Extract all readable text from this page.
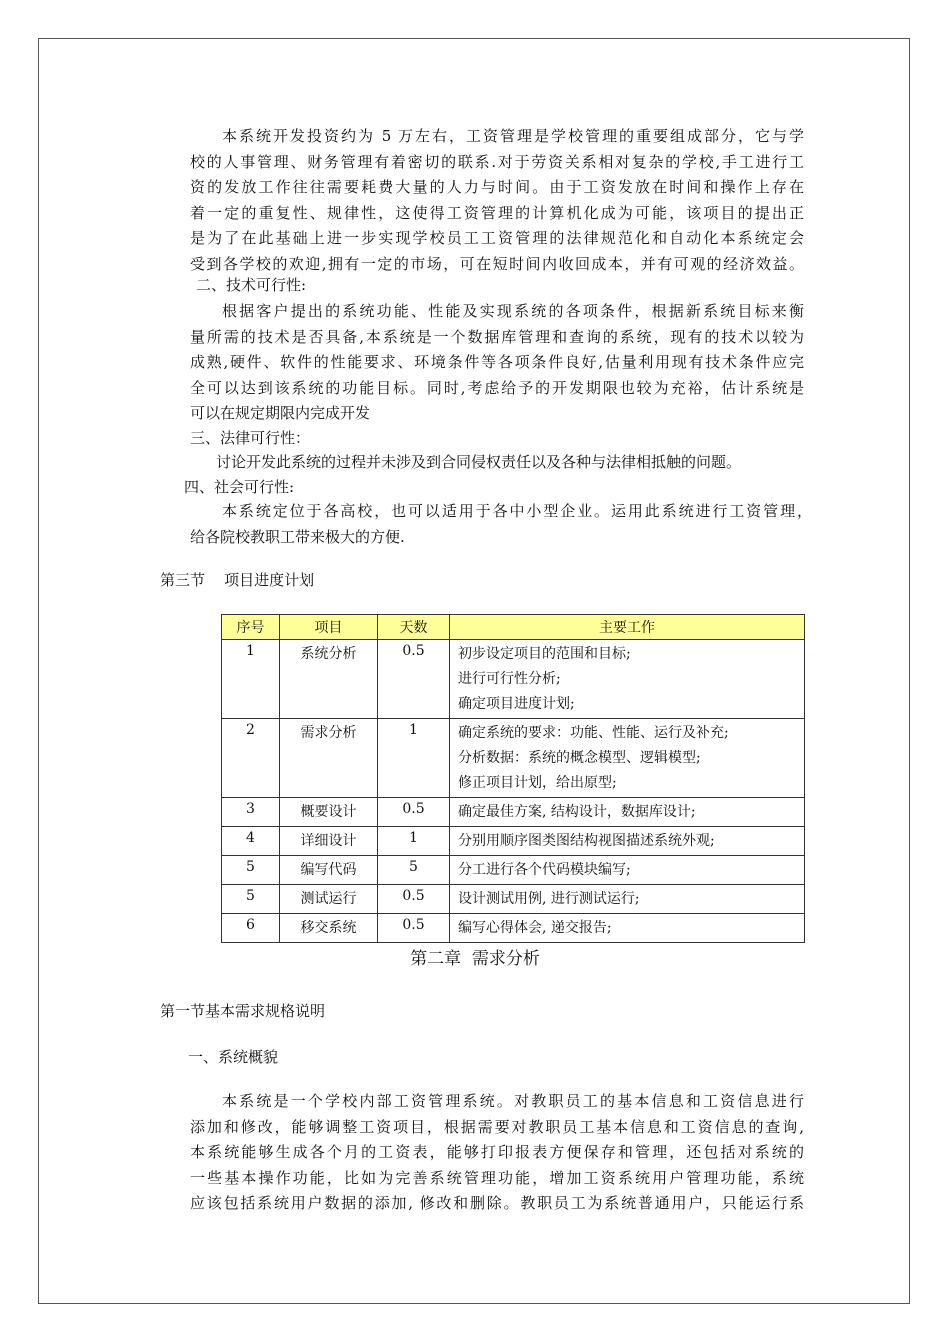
本系统开发投资约为 5 万左右，工资管理是学校管理的重要组成部分，它与学
校的人事管理、财务管理有着密切的联系.对于劳资关系相对复杂的学校,手工进行工
资的发放工作往往需要耗费大量的人力与时间。由于工资发放在时间和操作上存在
着一定的重复性、规律性，这使得工资管理的计算机化成为可能，该项目的提出正
是为了在此基础上进一步实现学校员工工资管理的法律规范化和自动化本系统定会
受到各学校的欢迎,拥有一定的市场，可在短时间内收回成本，并有可观的经济效益。

二、技术可行性:

根据客户提出的系统功能、性能及实现系统的各项条件，根据新系统目标来衡
量所需的技术是否具备,本系统是一个数据库管理和查询的系统，现有的技术以较为
成熟,硬件、软件的性能要求、环境条件等各项条件良好,估量利用现有技术条件应完
全可以达到该系统的功能目标。同时,考虑给予的开发期限也较为充裕，估计系统是
可以在规定期限内完成开发

三、法律可行性：

讨论开发此系统的过程并未涉及到合同侵权责任以及各种与法律相抵触的问题。

四、社会可行性:

本系统定位于各高校，也可以适用于各中小型企业。运用此系统进行工资管理，
给各院校教职工带来极大的方便.

第三节    项目进度计划

序号	项目	天数	主要工作
1	系统分析	0.5	初步设定项目的范围和目标;
进行可行性分析;
确定项目进度计划;

2	需求分析	1	确定系统的要求：功能、性能、运行及补充;
分析数据：系统的概念模型、逻辑模型;
修正项目计划，给出原型;

3	概要设计	0.5	确定最佳方案, 结构设计，数据库设计;

4	详细设计	1	分别用顺序图类图结构视图描述系统外观;

5	编写代码	5	分工进行各个代码模块编写;

5	测试运行	0.5	设计测试用例, 进行测试运行;

6	移交系统	0.5	编写心得体会, 递交报告;
第二章  需求分析

第一节基本需求规格说明

一、系统概貌

本系统是一个学校内部工资管理系统。对教职员工的基本信息和工资信息进行
添加和修改，能够调整工资项目，根据需要对教职员工基本信息和工资信息的查询,
本系统能够生成各个月的工资表，能够打印报表方便保存和管理，还包括对系统的
一些基本操作功能，比如为完善系统管理功能，增加工资系统用户管理功能，系统
应该包括系统用户数据的添加, 修改和删除。教职员工为系统普通用户，只能运行系
